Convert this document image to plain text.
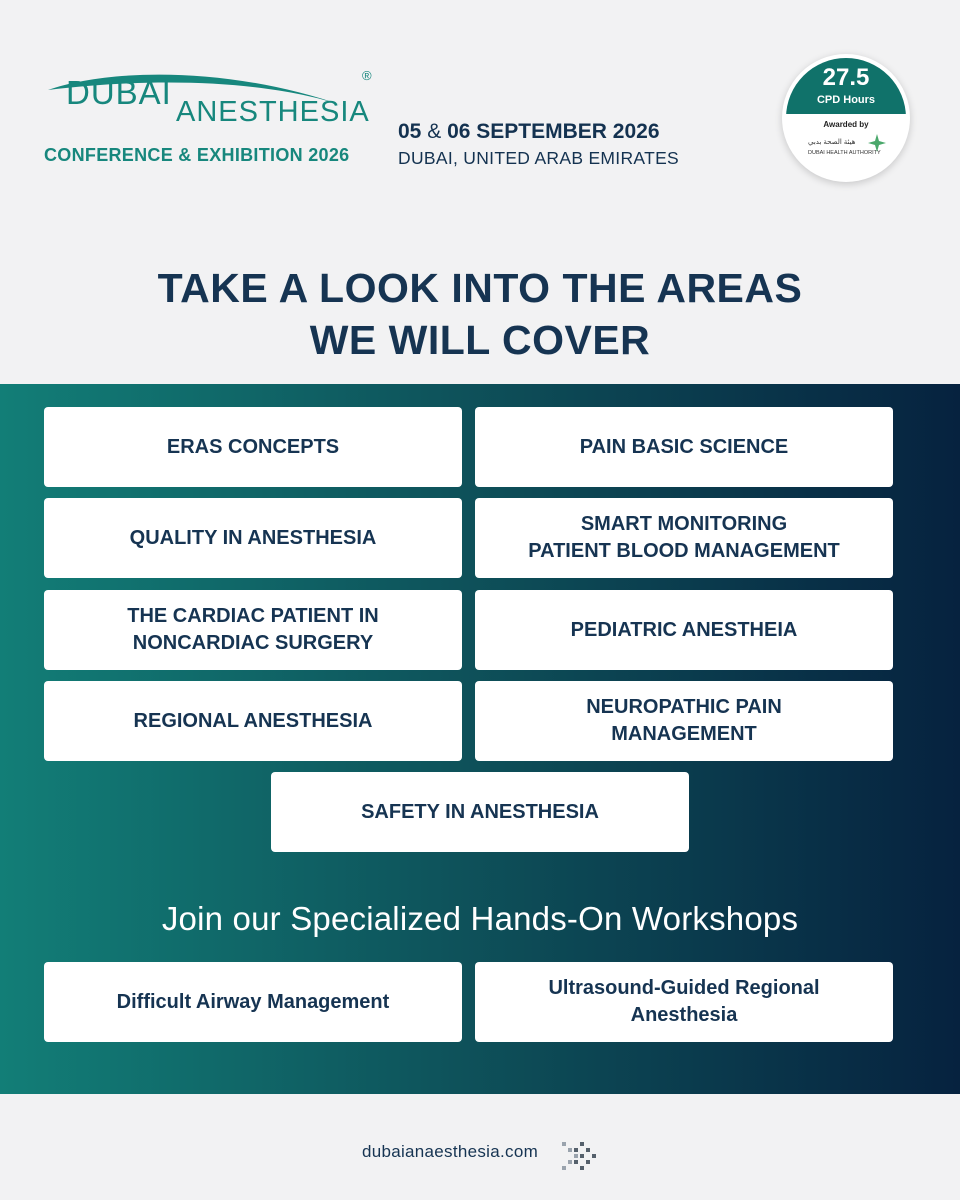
DUBAI
ANESTHESIA
®
CONFERENCE & EXHIBITION 2026
05 & 06 SEPTEMBER 2026
DUBAI, UNITED ARAB EMIRATES
27.5
CPD Hours
Awarded by
هيئة الصحة بدبي
DUBAI HEALTH AUTHORITY
TAKE A LOOK INTO THE AREAS
WE WILL COVER
ERAS CONCEPTS	PAIN BASIC SCIENCE
QUALITY IN ANESTHESIA
SMART MONITORING
PATIENT BLOOD MANAGEMENT
THE CARDIAC PATIENT IN
NONCARDIAC SURGERY
PEDIATRIC ANESTHEIA
REGIONAL ANESTHESIA
NEUROPATHIC PAIN
MANAGEMENT
SAFETY IN ANESTHESIA
Join our Specialized Hands-On Workshops
Difficult Airway Management
Ultrasound-Guided Regional
Anesthesia
dubaianaesthesia.com
